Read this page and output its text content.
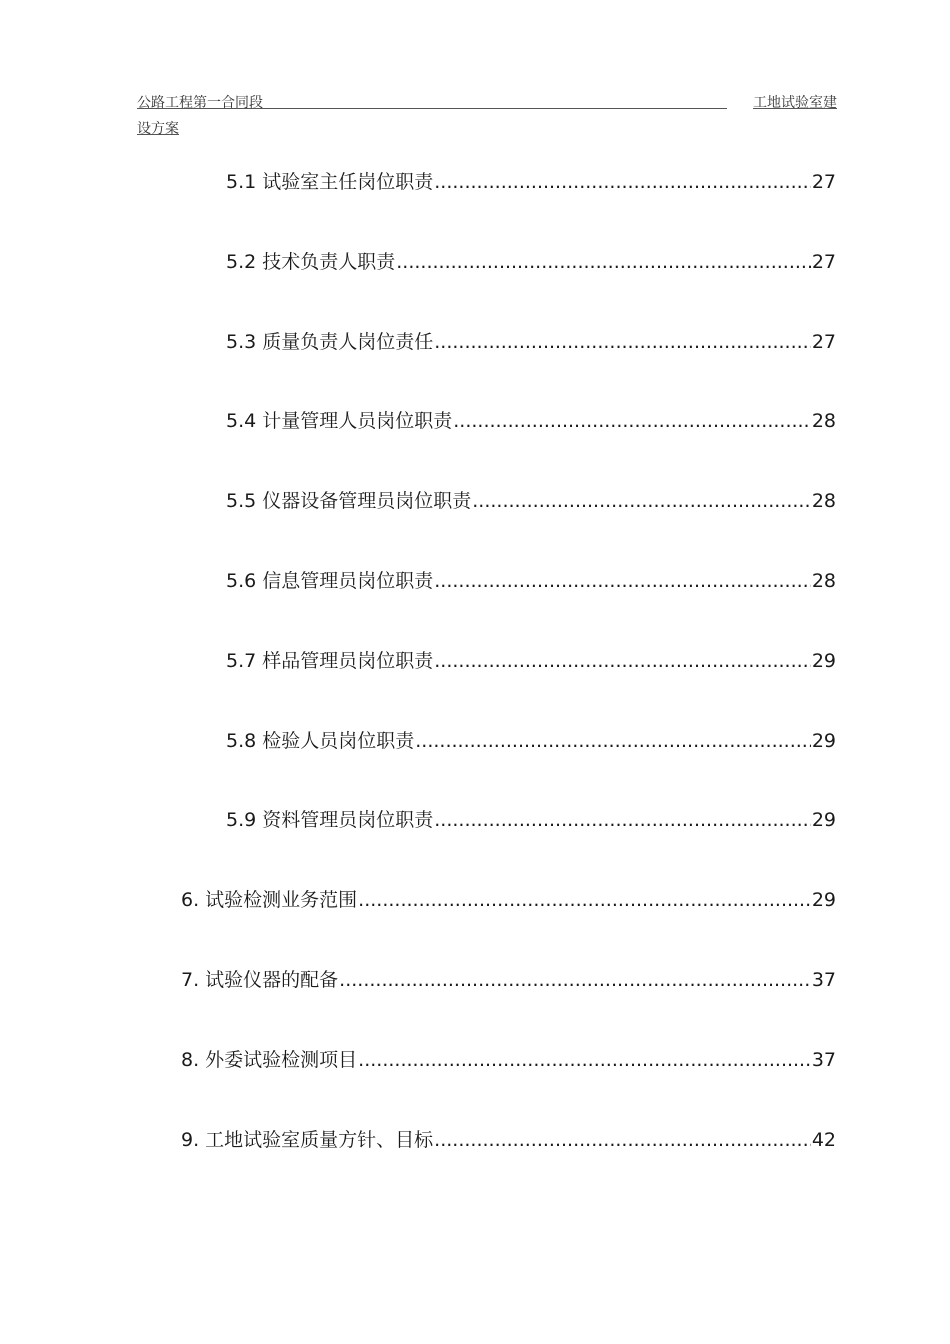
公路工程第一合同段	工地试验室建
设方案
5.1 试验室主任岗位职责 .....	27
5.2 技术负责人职责 .....	27
5.3 质量负责人岗位责任 .....	27
5.4 计量管理人员岗位职责 .....	28
5.5 仪器设备管理员岗位职责 .....	28
5.6 信息管理员岗位职责 .....	28
5.7 样品管理员岗位职责 .....	29
5.8 检验人员岗位职责 .....	29
5.9 资料管理员岗位职责 .....	29
6. 试验检测业务范围 .....	29
7. 试验仪器的配备 .....	37
8. 外委试验检测项目 .....	37
9. 工地试验室质量方针、目标 .....	42
